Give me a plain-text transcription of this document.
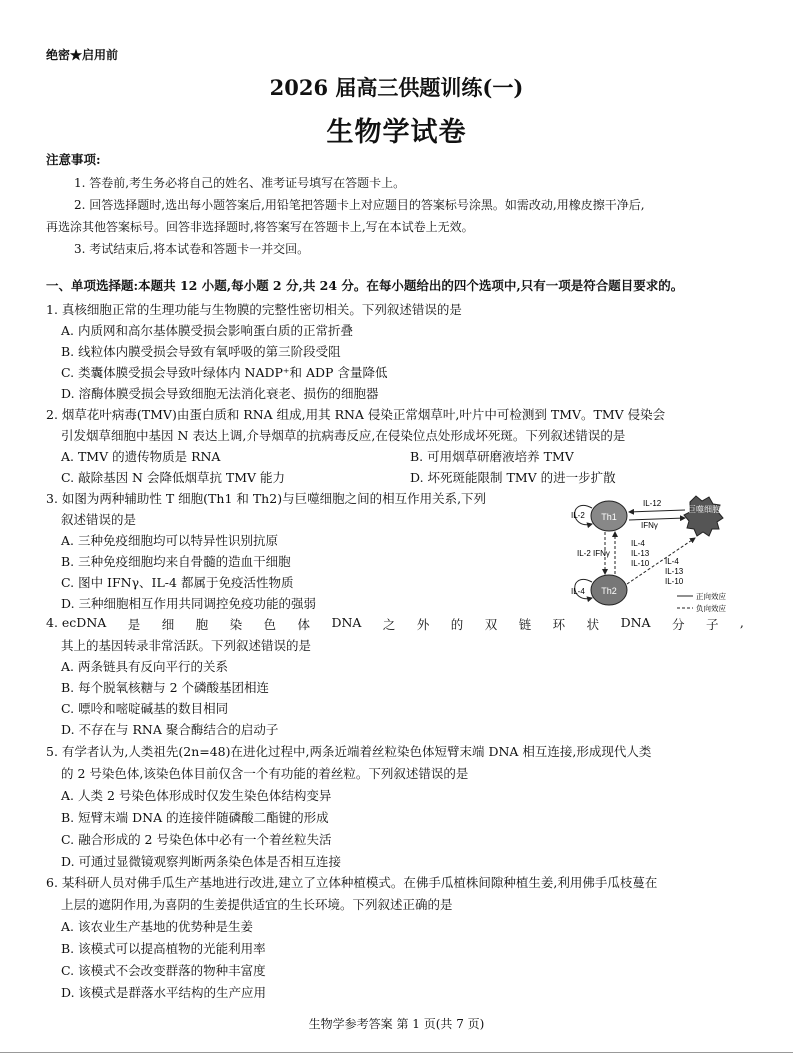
绝密★启用前
2026 届高三供题训练(一)
生物学试卷
注意事项:
1. 答卷前,考生务必将自己的姓名、准考证号填写在答题卡上。
2. 回答选择题时,选出每小题答案后,用铅笔把答题卡上对应题目的答案标号涂黑。如需改动,用橡皮擦干净后,
再选涂其他答案标号。回答非选择题时,将答案写在答题卡上,写在本试卷上无效。
3. 考试结束后,将本试卷和答题卡一并交回。
一、单项选择题:本题共 12 小题,每小题 2 分,共 24 分。在每小题给出的四个选项中,只有一项是符合题目要求的。
1. 真核细胞正常的生理功能与生物膜的完整性密切相关。下列叙述错误的是
A. 内质网和高尔基体膜受损会影响蛋白质的正常折叠
B. 线粒体内膜受损会导致有氧呼吸的第三阶段受阻
C. 类囊体膜受损会导致叶绿体内 NADP⁺和 ADP 含量降低
D. 溶酶体膜受损会导致细胞无法消化衰老、损伤的细胞器
2. 烟草花叶病毒(TMV)由蛋白质和 RNA 组成,用其 RNA 侵染正常烟草叶,叶片中可检测到 TMV。TMV 侵染会
引发烟草细胞中基因 N 表达上调,介导烟草的抗病毒反应,在侵染位点处形成坏死斑。下列叙述错误的是
A. TMV 的遗传物质是 RNA	B. 可用烟草研磨液培养 TMV
C. 敲除基因 N 会降低烟草抗 TMV 能力	D. 坏死斑能限制 TMV 的进一步扩散
3. 如图为两种辅助性 T 细胞(Th1 和 Th2)与巨噬细胞之间的相互作用关系,下列
叙述错误的是
A. 三种免疫细胞均可以特异性识别抗原
B. 三种免疫细胞均来自骨髓的造血干细胞
C. 图中 IFNγ、IL-4 都属于免疫活性物质
D. 三种细胞相互作用共同调控免疫功能的强弱
Th1
Th2
巨噬细胞
IL-2
IL-4
IL-12
IFNγ
IL-2 IFNγ
IL-4
IL-13
IL-10 IL-4
IL-13
IL-10
正向效应
负向效应
4. ecDNA 是 细 胞 染 色 体 DNA 之 外 的 双 链 环 状 DNA 分 子 ,
其上的基因转录非常活跃。下列叙述错误的是
A. 两条链具有反向平行的关系
B. 每个脱氧核糖与 2 个磷酸基团相连
C. 嘌呤和嘧啶碱基的数目相同
D. 不存在与 RNA 聚合酶结合的启动子
5. 有学者认为,人类祖先(2n=48)在进化过程中,两条近端着丝粒染色体短臂末端 DNA 相互连接,形成现代人类
的 2 号染色体,该染色体目前仅含一个有功能的着丝粒。下列叙述错误的是
A. 人类 2 号染色体形成时仅发生染色体结构变异
B. 短臂末端 DNA 的连接伴随磷酸二酯键的形成
C. 融合形成的 2 号染色体中必有一个着丝粒失活
D. 可通过显微镜观察判断两条染色体是否相互连接
6. 某科研人员对佛手瓜生产基地进行改进,建立了立体种植模式。在佛手瓜植株间隙种植生姜,利用佛手瓜枝蔓在
上层的遮阴作用,为喜阴的生姜提供适宜的生长环境。下列叙述正确的是
A. 该农业生产基地的优势种是生姜
B. 该模式可以提高植物的光能利用率
C. 该模式不会改变群落的物种丰富度
D. 该模式是群落水平结构的生产应用
生物学参考答案 第 1 页(共 7 页)
